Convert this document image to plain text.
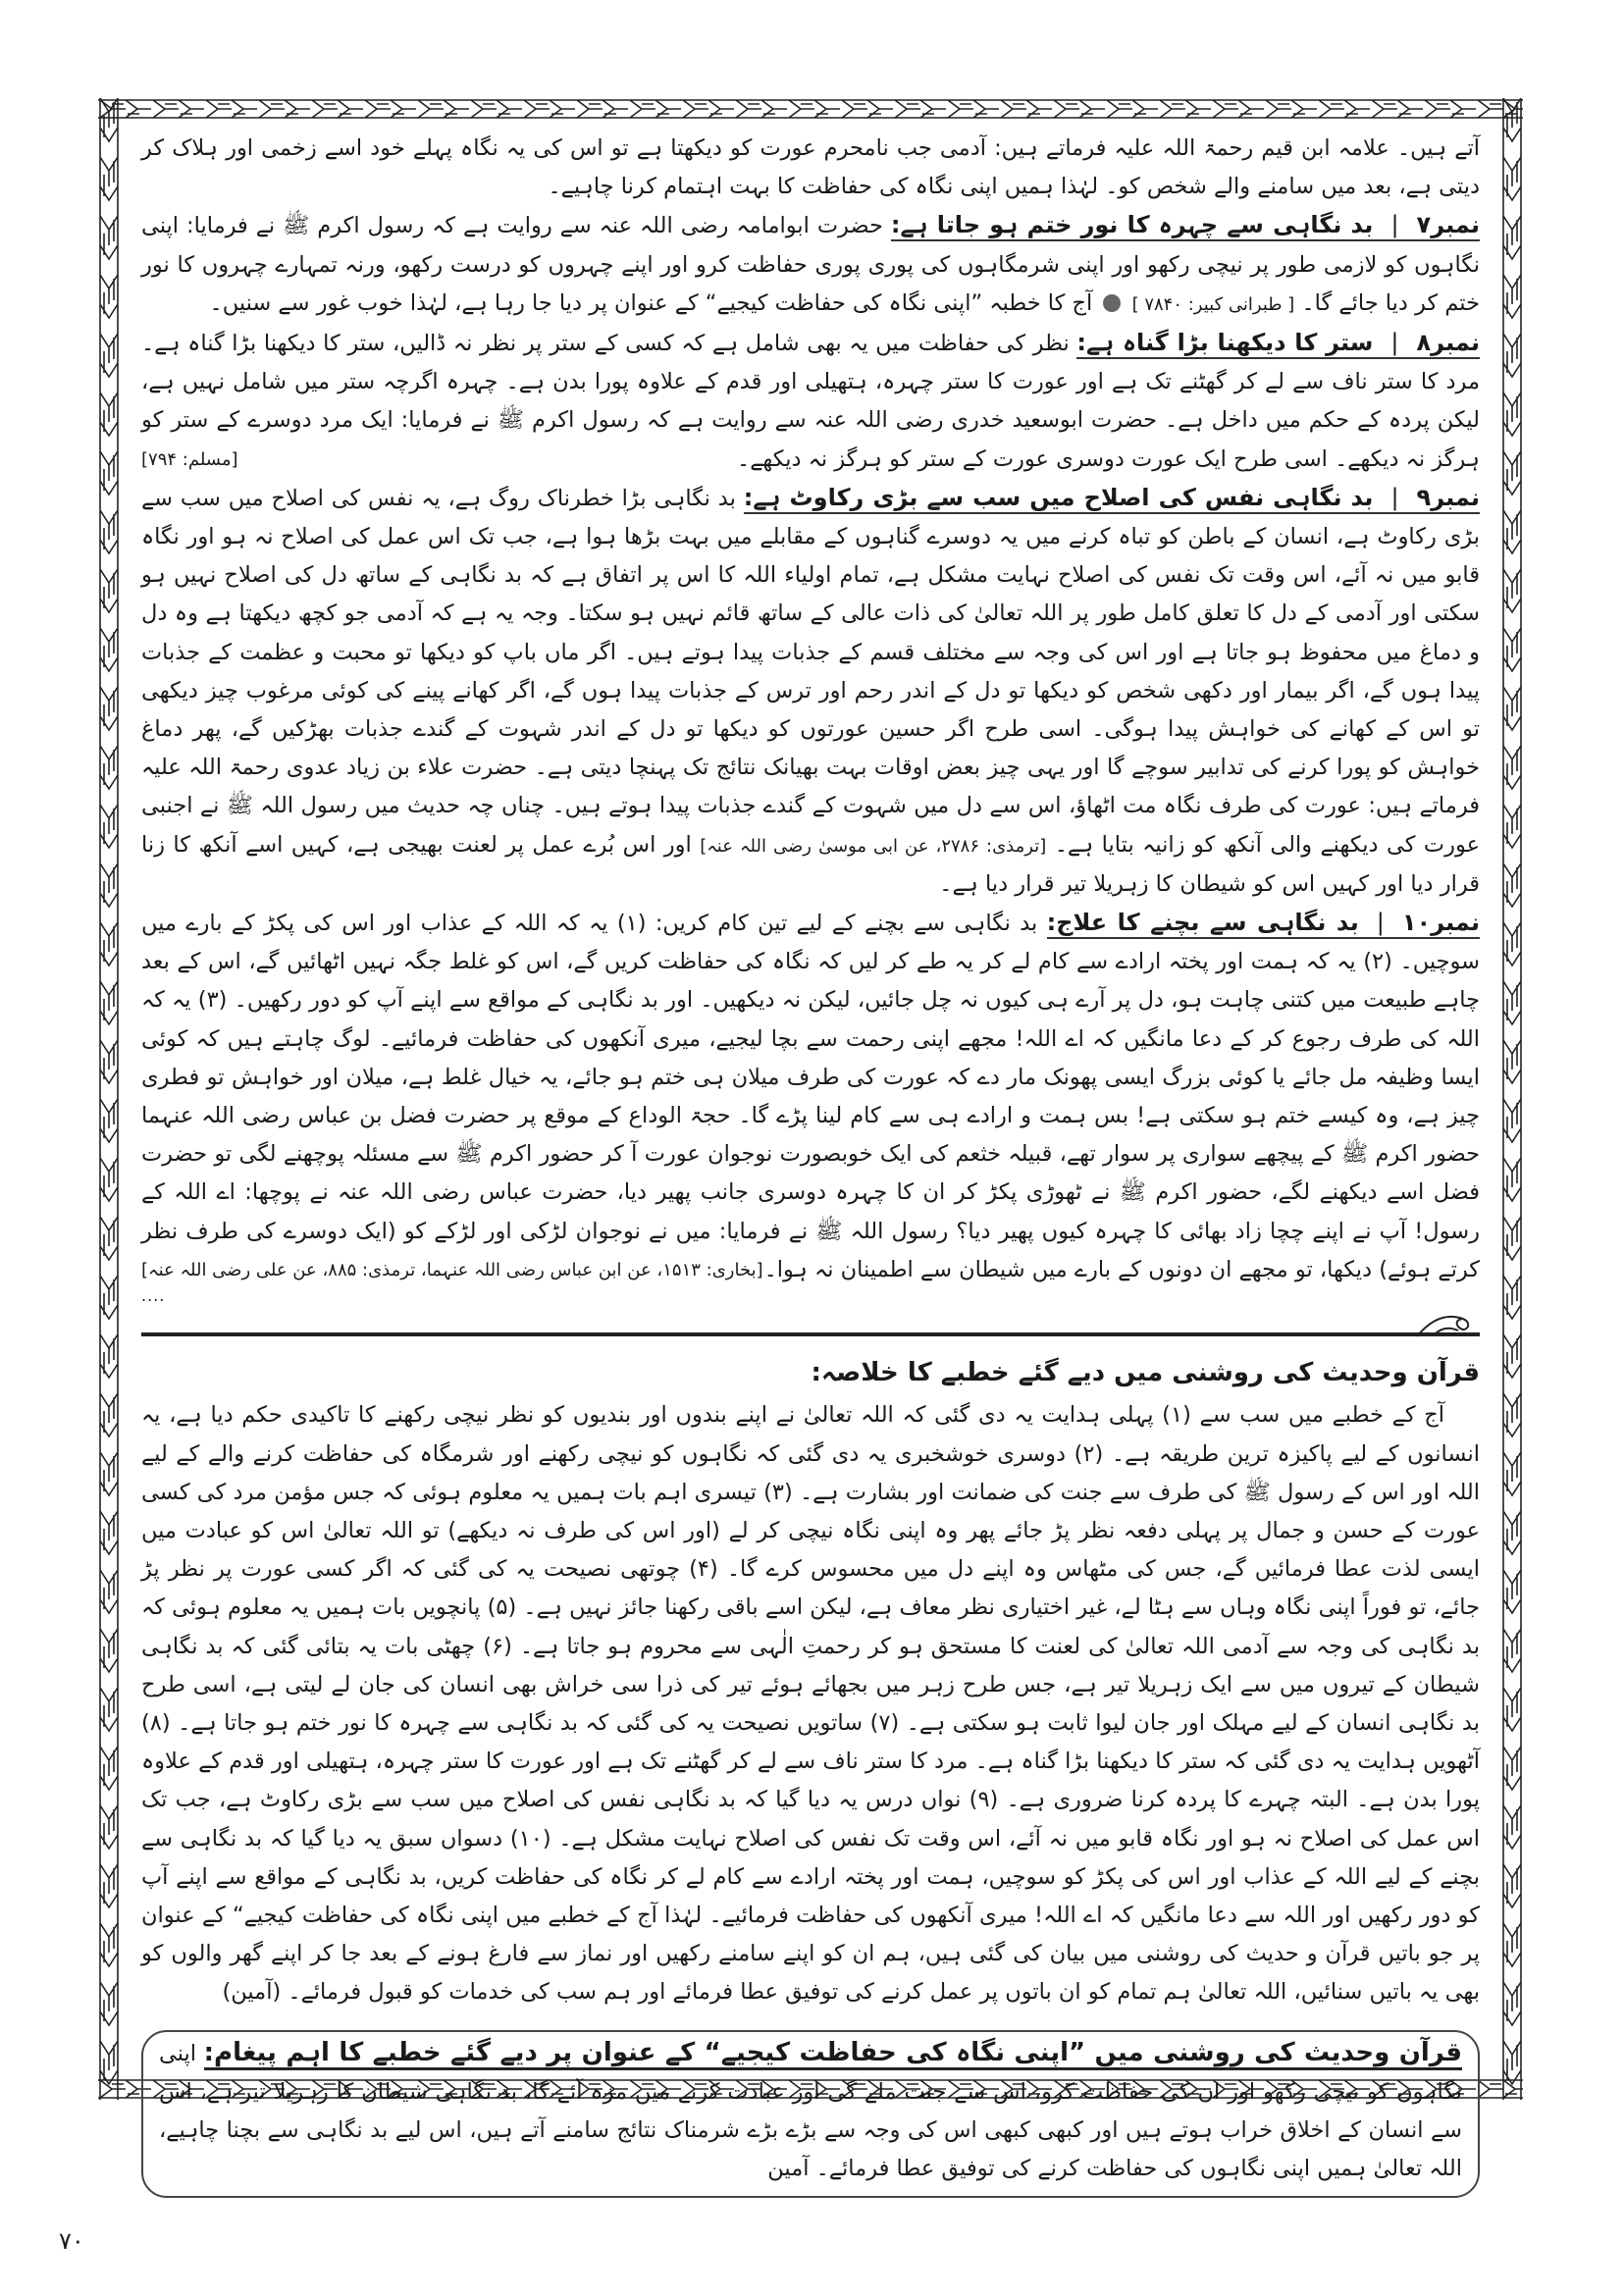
آتے ہیں۔ علامہ ابن قیم رحمۃ اللہ علیہ فرماتے ہیں: آدمی جب نامحرم عورت کو دیکھتا ہے تو اس کی یہ نگاہ پہلے خود اسے زخمی اور ہلاک کر دیتی ہے، بعد میں سامنے والے شخص کو۔ لہٰذا ہمیں اپنی نگاہ کی حفاظت کا بہت اہتمام کرنا چاہیے۔

نمبر۷|بد نگاہی سے چہرہ کا نور ختم ہو جاتا ہے: حضرت ابوامامہ رضی اللہ عنہ سے روایت ہے کہ رسول اکرم ﷺ نے فرمایا: اپنی نگاہوں کو لازمی طور پر نیچی رکھو اور اپنی شرمگاہوں کی پوری پوری حفاظت کرو اور اپنے چہروں کو درست رکھو، ورنہ تمہارے چہروں کا نور ختم کر دیا جائے گا۔ [ طبرانی کبیر: ۷۸۴۰ ]  آج کا خطبہ ”اپنی نگاہ کی حفاظت کیجیے“ کے عنوان پر دیا جا رہا ہے، لہٰذا خوب غور سے سنیں۔

نمبر۸|ستر کا دیکھنا بڑا گناہ ہے: نظر کی حفاظت میں یہ بھی شامل ہے کہ کسی کے ستر پر نظر نہ ڈالیں، ستر کا دیکھنا بڑا گناہ ہے۔ مرد کا ستر ناف سے لے کر گھٹنے تک ہے اور عورت کا ستر چہرہ، ہتھیلی اور قدم کے علاوہ پورا بدن ہے۔ چہرہ اگرچہ ستر میں شامل نہیں ہے، لیکن پردہ کے حکم میں داخل ہے۔ حضرت ابوسعید خدری رضی اللہ عنہ سے روایت ہے کہ رسول اکرم ﷺ نے فرمایا: ایک مرد دوسرے کے ستر کو ہرگز نہ دیکھے۔ اسی طرح ایک عورت دوسری عورت کے ستر کو ہرگز نہ دیکھے۔
[مسلم: ۷۹۴]

نمبر۹|بد نگاہی نفس کی اصلاح میں سب سے بڑی رکاوٹ ہے: بد نگاہی بڑا خطرناک روگ ہے، یہ نفس کی اصلاح میں سب سے بڑی رکاوٹ ہے، انسان کے باطن کو تباہ کرنے میں یہ دوسرے گناہوں کے مقابلے میں بہت بڑھا ہوا ہے، جب تک اس عمل کی اصلاح نہ ہو اور نگاہ قابو میں نہ آئے، اس وقت تک نفس کی اصلاح نہایت مشکل ہے، تمام اولیاء اللہ کا اس پر اتفاق ہے کہ بد نگاہی کے ساتھ دل کی اصلاح نہیں ہو سکتی اور آدمی کے دل کا تعلق کامل طور پر اللہ تعالیٰ کی ذات عالی کے ساتھ قائم نہیں ہو سکتا۔ وجہ یہ ہے کہ آدمی جو کچھ دیکھتا ہے وہ دل و دماغ میں محفوظ ہو جاتا ہے اور اس کی وجہ سے مختلف قسم کے جذبات پیدا ہوتے ہیں۔ اگر ماں باپ کو دیکھا تو محبت و عظمت کے جذبات پیدا ہوں گے، اگر بیمار اور دکھی شخص کو دیکھا تو دل کے اندر رحم اور ترس کے جذبات پیدا ہوں گے، اگر کھانے پینے کی کوئی مرغوب چیز دیکھی تو اس کے کھانے کی خواہش پیدا ہوگی۔ اسی طرح اگر حسین عورتوں کو دیکھا تو دل کے اندر شہوت کے گندے جذبات بھڑکیں گے، پھر دماغ خواہش کو پورا کرنے کی تدابیر سوچے گا اور یہی چیز بعض اوقات بہت بھیانک نتائج تک پہنچا دیتی ہے۔ حضرت علاء بن زیاد عدوی رحمۃ اللہ علیہ فرماتے ہیں: عورت کی طرف نگاہ مت اٹھاؤ، اس سے دل میں شہوت کے گندے جذبات پیدا ہوتے ہیں۔ چناں چہ حدیث میں رسول اللہ ﷺ نے اجنبی عورت کی دیکھنے والی آنکھ کو زانیہ بتایا ہے۔ [ترمذی: ۲۷۸۶، عن ابی موسیٰ رضی اللہ عنہ] اور اس بُرے عمل پر لعنت بھیجی ہے، کہیں اسے آنکھ کا زنا قرار دیا اور کہیں اس کو شیطان کا زہریلا تیر قرار دیا ہے۔

نمبر۱۰|بد نگاہی سے بچنے کا علاج: بد نگاہی سے بچنے کے لیے تین کام کریں: (۱) یہ کہ اللہ کے عذاب اور اس کی پکڑ کے بارے میں سوچیں۔ (۲) یہ کہ ہمت اور پختہ ارادے سے کام لے کر یہ طے کر لیں کہ نگاہ کی حفاظت کریں گے، اس کو غلط جگہ نہیں اٹھائیں گے، اس کے بعد چاہے طبیعت میں کتنی چاہت ہو، دل پر آرے ہی کیوں نہ چل جائیں، لیکن نہ دیکھیں۔ اور بد نگاہی کے مواقع سے اپنے آپ کو دور رکھیں۔ (۳) یہ کہ اللہ کی طرف رجوع کر کے دعا مانگیں کہ اے اللہ! مجھے اپنی رحمت سے بچا لیجیے، میری آنکھوں کی حفاظت فرمائیے۔ لوگ چاہتے ہیں کہ کوئی ایسا وظیفہ مل جائے یا کوئی بزرگ ایسی پھونک مار دے کہ عورت کی طرف میلان ہی ختم ہو جائے، یہ خیال غلط ہے، میلان اور خواہش تو فطری چیز ہے، وہ کیسے ختم ہو سکتی ہے! بس ہمت و ارادے ہی سے کام لینا پڑے گا۔ حجۃ الوداع کے موقع پر حضرت فضل بن عباس رضی اللہ عنہما حضور اکرم ﷺ کے پیچھے سواری پر سوار تھے، قبیلہ خثعم کی ایک خوبصورت نوجوان عورت آ کر حضور اکرم ﷺ سے مسئلہ پوچھنے لگی تو حضرت فضل اسے دیکھنے لگے، حضور اکرم ﷺ نے ٹھوڑی پکڑ کر ان کا چہرہ دوسری جانب پھیر دیا، حضرت عباس رضی اللہ عنہ نے پوچھا: اے اللہ کے رسول! آپ نے اپنے چچا زاد بھائی کا چہرہ کیوں پھیر دیا؟ رسول اللہ ﷺ نے فرمایا: میں نے نوجوان لڑکی اور لڑکے کو (ایک دوسرے کی طرف نظر کرتے ہوئے) دیکھا، تو مجھے ان دونوں کے بارے میں شیطان سے اطمینان نہ ہوا۔
[بخاری: ۱۵۱۳، عن ابن عباس رضی اللہ عنہما، ترمذی: ۸۸۵، عن علی رضی اللہ عنہ]

....
قرآن وحدیث کی روشنی میں دیے گئے خطبے کا خلاصہ:

آج کے خطبے میں سب سے (۱) پہلی ہدایت یہ دی گئی کہ اللہ تعالیٰ نے اپنے بندوں اور بندیوں کو نظر نیچی رکھنے کا تاکیدی حکم دیا ہے، یہ انسانوں کے لیے پاکیزہ ترین طریقہ ہے۔ (۲) دوسری خوشخبری یہ دی گئی کہ نگاہوں کو نیچی رکھنے اور شرمگاہ کی حفاظت کرنے والے کے لیے اللہ اور اس کے رسول ﷺ کی طرف سے جنت کی ضمانت اور بشارت ہے۔ (۳) تیسری اہم بات ہمیں یہ معلوم ہوئی کہ جس مؤمن مرد کی کسی عورت کے حسن و جمال پر پہلی دفعہ نظر پڑ جائے پھر وہ اپنی نگاہ نیچی کر لے (اور اس کی طرف نہ دیکھے) تو اللہ تعالیٰ اس کو عبادت میں ایسی لذت عطا فرمائیں گے، جس کی مٹھاس وہ اپنے دل میں محسوس کرے گا۔ (۴) چوتھی نصیحت یہ کی گئی کہ اگر کسی عورت پر نظر پڑ جائے، تو فوراً اپنی نگاہ وہاں سے ہٹا لے، غیر اختیاری نظر معاف ہے، لیکن اسے باقی رکھنا جائز نہیں ہے۔ (۵) پانچویں بات ہمیں یہ معلوم ہوئی کہ بد نگاہی کی وجہ سے آدمی اللہ تعالیٰ کی لعنت کا مستحق ہو کر رحمتِ الٰہی سے محروم ہو جاتا ہے۔ (۶) چھٹی بات یہ بتائی گئی کہ بد نگاہی شیطان کے تیروں میں سے ایک زہریلا تیر ہے، جس طرح زہر میں بجھائے ہوئے تیر کی ذرا سی خراش بھی انسان کی جان لے لیتی ہے، اسی طرح بد نگاہی انسان کے لیے مہلک اور جان لیوا ثابت ہو سکتی ہے۔ (۷) ساتویں نصیحت یہ کی گئی کہ بد نگاہی سے چہرہ کا نور ختم ہو جاتا ہے۔ (۸) آٹھویں ہدایت یہ دی گئی کہ ستر کا دیکھنا بڑا گناہ ہے۔ مرد کا ستر ناف سے لے کر گھٹنے تک ہے اور عورت کا ستر چہرہ، ہتھیلی اور قدم کے علاوہ پورا بدن ہے۔ البتہ چہرے کا پردہ کرنا ضروری ہے۔ (۹) نواں درس یہ دیا گیا کہ بد نگاہی نفس کی اصلاح میں سب سے بڑی رکاوٹ ہے، جب تک اس عمل کی اصلاح نہ ہو اور نگاہ قابو میں نہ آئے، اس وقت تک نفس کی اصلاح نہایت مشکل ہے۔ (۱۰) دسواں سبق یہ دیا گیا کہ بد نگاہی سے بچنے کے لیے اللہ کے عذاب اور اس کی پکڑ کو سوچیں، ہمت اور پختہ ارادے سے کام لے کر نگاہ کی حفاظت کریں، بد نگاہی کے مواقع سے اپنے آپ کو دور رکھیں اور اللہ سے دعا مانگیں کہ اے اللہ! میری آنکھوں کی حفاظت فرمائیے۔ لہٰذا آج کے خطبے میں اپنی نگاہ کی حفاظت کیجیے“ کے عنوان پر جو باتیں قرآن و حدیث کی روشنی میں بیان کی گئی ہیں، ہم ان کو اپنے سامنے رکھیں اور نماز سے فارغ ہونے کے بعد جا کر اپنے گھر والوں کو بھی یہ باتیں سنائیں، اللہ تعالیٰ ہم تمام کو ان باتوں پر عمل کرنے کی توفیق عطا فرمائے اور ہم سب کی خدمات کو قبول فرمائے۔ (آمین)

قرآن وحدیث کی روشنی میں ”اپنی نگاہ کی حفاظت کیجیے“ کے عنوان پر دیے گئے خطبے کا اہم پیغام: اپنی نگاہوں کو نیچی رکھو اور ان کی حفاظت کرو، اس سے جنت ملے گی اور عبادت کرنے میں مزہ آئے گا، بد نگاہی شیطان کا زہریلا تیر ہے، اس سے انسان کے اخلاق خراب ہوتے ہیں اور کبھی کبھی اس کی وجہ سے بڑے بڑے شرمناک نتائج سامنے آتے ہیں، اس لیے بد نگاہی سے بچنا چاہیے، اللہ تعالیٰ ہمیں اپنی نگاہوں کی حفاظت کرنے کی توفیق عطا فرمائے۔ آمین

۷۰
